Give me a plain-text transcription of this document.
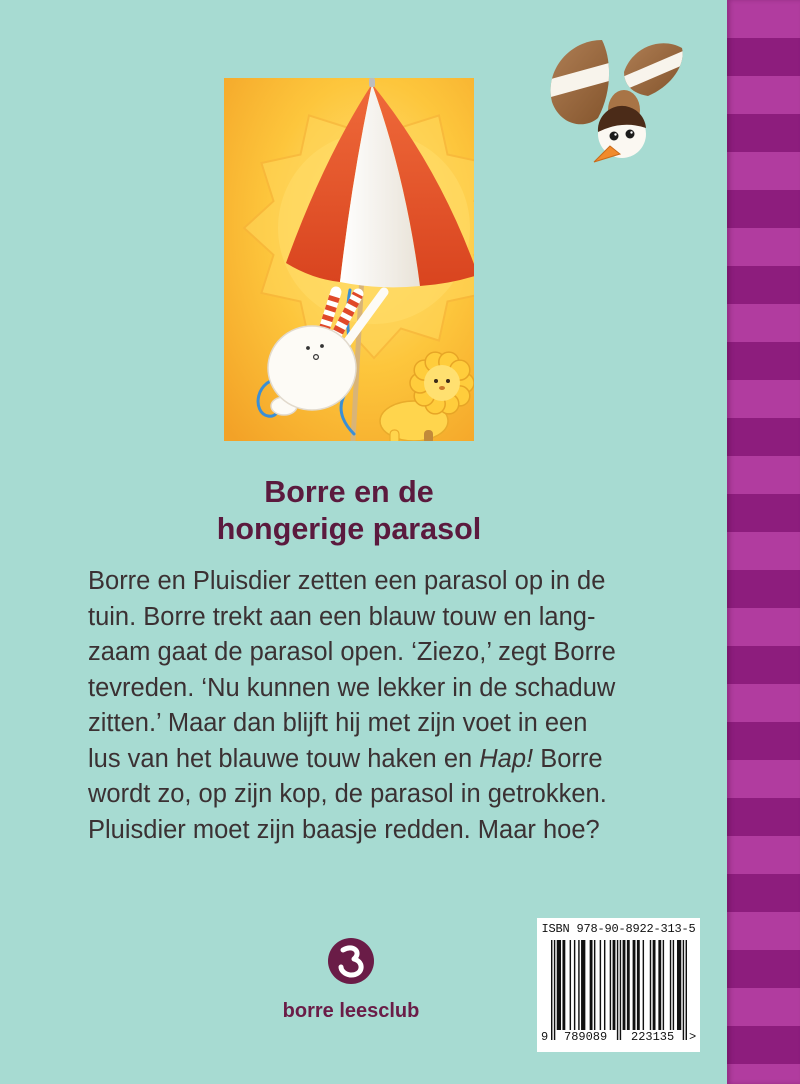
Borre en de
hongerige parasol
Borre en Pluisdier zetten een parasol op in de
tuin. Borre trekt aan een blauw touw en lang-
zaam gaat de parasol open. ‘Ziezo,’ zegt Borre
tevreden. ‘Nu kunnen we lekker in de schaduw
zitten.’ Maar dan blijft hij met zijn voet in een
lus van het blauwe touw haken en Hap! Borre
wordt zo, op zijn kop, de parasol in getrokken.
Pluisdier moet zijn baasje redden. Maar hoe?
borre leesclub
ISBN 978-90-8922-313-5
9 789089 223135 >
